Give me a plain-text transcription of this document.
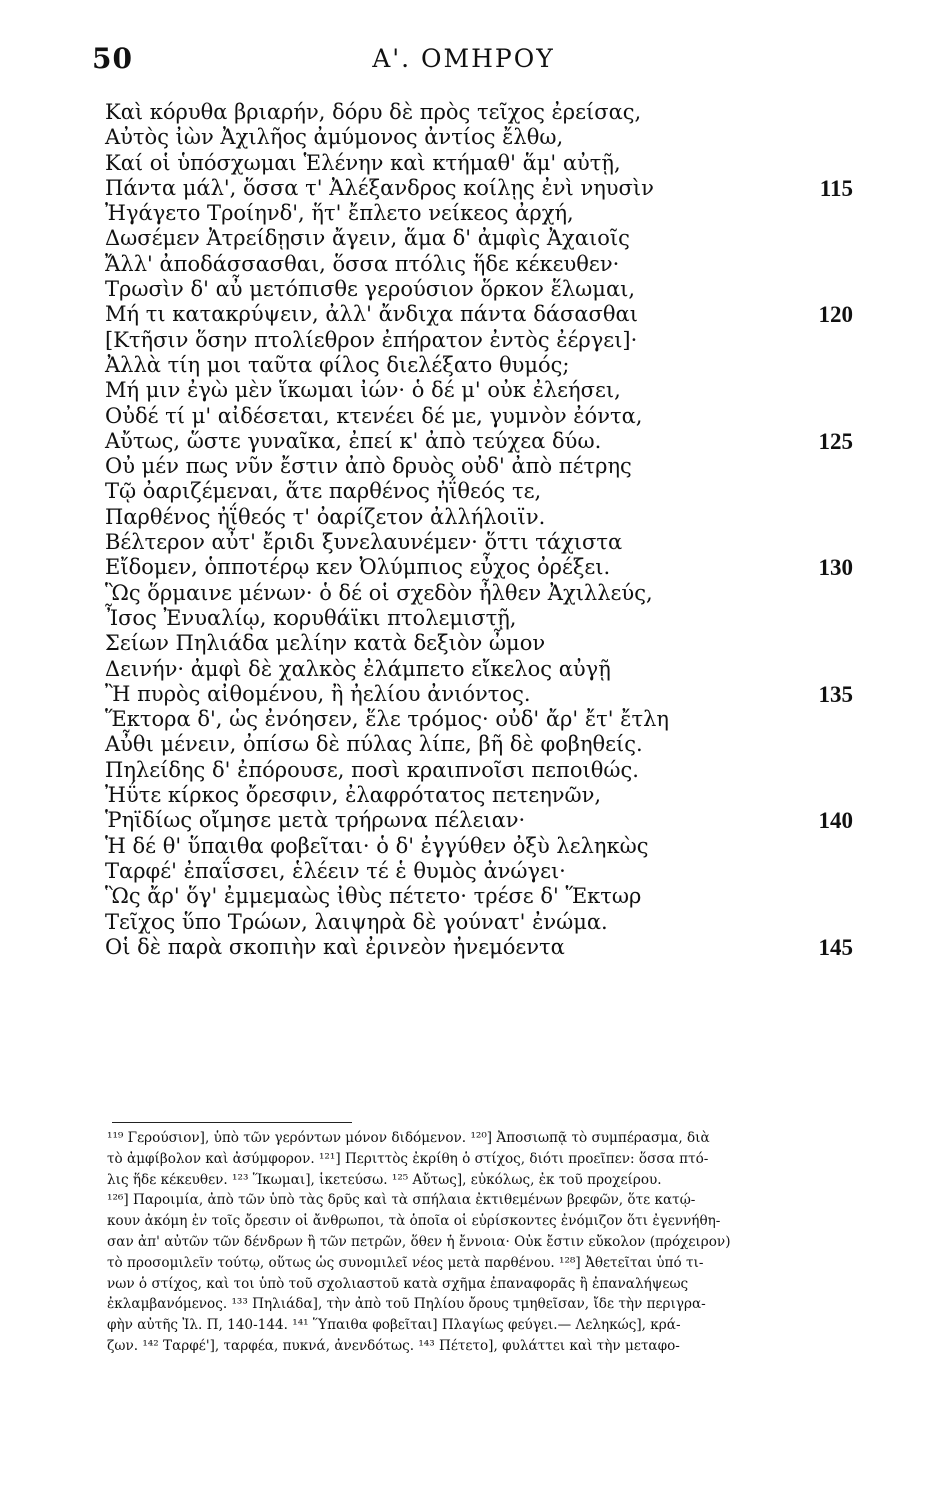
50	Α'. ΟΜΗΡΟΥ
Καὶ κόρυθα βριαρήν, δόρυ δὲ πρὸς τεῖχος ἐρείσας,
Αὐτὸς ἰὼν Ἀχιλῆος ἀμύμονος ἀντίος ἔλθω,
Καί οἱ ὑπόσχωμαι Ἑλένην καὶ κτήμαθ' ἅμ' αὐτῇ,
Πάντα μάλ', ὅσσα τ' Ἀλέξανδρος κοίλῃς ἐνὶ νηυσὶν	115
Ἠγάγετο Τροίηνδ', ἥτ' ἔπλετο νείκεος ἀρχή,
Δωσέμεν Ἀτρείδῃσιν ἄγειν, ἅμα δ' ἀμφὶς Ἀχαιοῖς
Ἄλλ' ἀποδάσσασθαι, ὅσσα πτόλις ἥδε κέκευθεν·
Τρωσὶν δ' αὖ μετόπισθε γερούσιον ὅρκον ἕλωμαι,
Μή τι κατακρύψειν, ἀλλ' ἄνδιχα πάντα δάσασθαι	120
[Κτῆσιν ὅσην πτολίεθρον ἐπήρατον ἐντὸς ἐέργει]·
Ἀλλὰ τίη μοι ταῦτα φίλος διελέξατο θυμός;
Μή μιν ἐγὼ μὲν ἵκωμαι ἰών· ὁ δέ μ' οὐκ ἐλεήσει,
Οὐδέ τί μ' αἰδέσεται, κτενέει δέ με, γυμνὸν ἐόντα,
Αὔτως, ὥστε γυναῖκα, ἐπεί κ' ἀπὸ τεύχεα δύω.	125
Οὐ μέν πως νῦν ἔστιν ἀπὸ δρυὸς οὐδ' ἀπὸ πέτρης
Τῷ ὀαριζέμεναι, ἅτε παρθένος ἠΐθεός τε,
Παρθένος ἠΐθεός τ' ὀαρίζετον ἀλλήλοιϊν.
Βέλτερον αὖτ' ἔριδι ξυνελαυνέμεν· ὅττι τάχιστα
Εἴδομεν, ὁπποτέρῳ κεν Ὀλύμπιος εὖχος ὀρέξει.	130
Ὣς ὅρμαινε μένων· ὁ δέ οἱ σχεδὸν ἦλθεν Ἀχιλλεύς,
Ἶσος Ἐνυαλίῳ, κορυθάϊκι πτολεμιστῇ,
Σείων Πηλιάδα μελίην κατὰ δεξιὸν ὦμον
Δεινήν· ἀμφὶ δὲ χαλκὸς ἐλάμπετο εἴκελος αὐγῇ
Ἢ πυρὸς αἰθομένου, ἢ ἠελίου ἀνιόντος.	135
Ἕκτορα δ', ὡς ἐνόησεν, ἕλε τρόμος· οὐδ' ἄρ' ἔτ' ἔτλη
Αὖθι μένειν, ὀπίσω δὲ πύλας λίπε, βῆ δὲ φοβηθείς.
Πηλείδης δ' ἐπόρουσε, ποσὶ κραιπνοῖσι πεποιθώς.
Ἠΰτε κίρκος ὄρεσφιν, ἐλαφρότατος πετεηνῶν,
Ῥηϊδίως οἴμησε μετὰ τρήρωνα πέλειαν·	140
Ἡ δέ θ' ὕπαιθα φοβεῖται· ὁ δ' ἐγγύθεν ὀξὺ λεληκὼς
Ταρφέ' ἐπαΐσσει, ἑλέειν τέ ἑ θυμὸς ἀνώγει·
Ὣς ἄρ' ὅγ' ἐμμεμαὼς ἰθὺς πέτετο· τρέσε δ' Ἕκτωρ
Τεῖχος ὕπο Τρώων, λαιψηρὰ δὲ γούνατ' ἐνώμα.
Οἱ δὲ παρὰ σκοπιὴν καὶ ἐρινεὸν ἠνεμόεντα	145
¹¹⁹ Γερούσιον], ὑπὸ τῶν γερόντων μόνον διδόμενον. ¹²⁰] Ἀποσιωπᾷ τὸ συμπέρασμα, διὰ
τὸ ἀμφίβολον καὶ ἀσύμφορον. ¹²¹] Περιττὸς ἐκρίθη ὁ στίχος, διότι προεῖπεν: ὅσσα πτό-
λις ἥδε κέκευθεν. ¹²³ Ἵκωμαι], ἱκετεύσω. ¹²⁵ Αὔτως], εὐκόλως, ἐκ τοῦ προχείρου.
¹²⁶] Παροιμία, ἀπὸ τῶν ὑπὸ τὰς δρῦς καὶ τὰ σπήλαια ἐκτιθεμένων βρεφῶν, ὅτε κατῴ-
κουν ἀκόμη ἐν τοῖς ὄρεσιν οἱ ἄνθρωποι, τὰ ὁποῖα οἱ εὑρίσκοντες ἐνόμιζον ὅτι ἐγεννήθη-
σαν ἀπ' αὐτῶν τῶν δένδρων ἢ τῶν πετρῶν, ὅθεν ἡ ἔννοια· Οὐκ ἔστιν εὔκολον (πρόχειρον)
τὸ προσομιλεῖν τούτῳ, οὕτως ὡς συνομιλεῖ νέος μετὰ παρθένου. ¹²⁸] Ἀθετεῖται ὑπό τι-
νων ὁ στίχος, καὶ τοι ὑπὸ τοῦ σχολιαστοῦ κατὰ σχῆμα ἐπαναφορᾶς ἢ ἐπαναλήψεως
ἐκλαμβανόμενος. ¹³³ Πηλιάδα], τὴν ἀπὸ τοῦ Πηλίου ὄρους τμηθεῖσαν, ἴδε τὴν περιγρα-
φὴν αὐτῆς Ἰλ. Π, 140-144. ¹⁴¹ Ὕπαιθα φοβεῖται] Πλαγίως φεύγει.— Λεληκώς], κρά-
ζων. ¹⁴² Ταρφέ'], ταρφέα, πυκνά, ἀνενδότως. ¹⁴³ Πέτετο], φυλάττει καὶ τὴν μεταφο-
